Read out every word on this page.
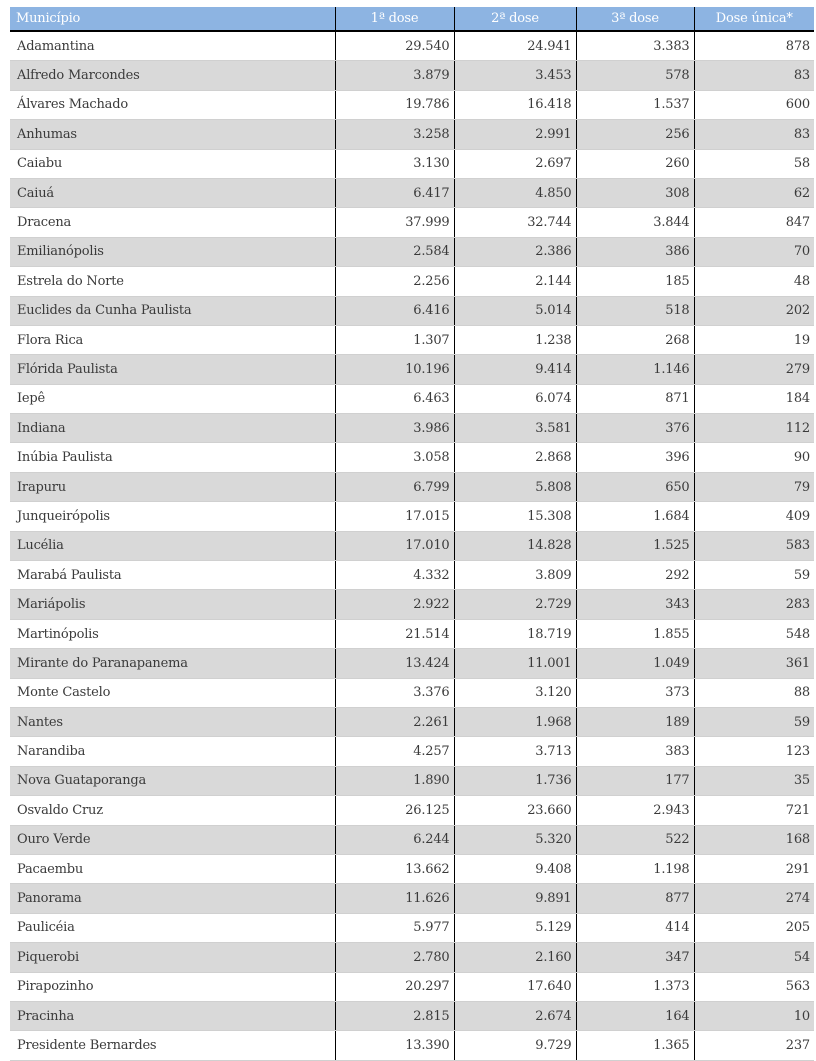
Município	1ª dose	2ª dose	3ª dose	Dose única*
Adamantina	29.540	24.941	3.383	878
Alfredo Marcondes	3.879	3.453	578	83
Álvares Machado	19.786	16.418	1.537	600
Anhumas	3.258	2.991	256	83
Caiabu	3.130	2.697	260	58
Caiuá	6.417	4.850	308	62
Dracena	37.999	32.744	3.844	847
Emilianópolis	2.584	2.386	386	70
Estrela do Norte	2.256	2.144	185	48
Euclides da Cunha Paulista	6.416	5.014	518	202
Flora Rica	1.307	1.238	268	19
Flórida Paulista	10.196	9.414	1.146	279
Iepê	6.463	6.074	871	184
Indiana	3.986	3.581	376	112
Inúbia Paulista	3.058	2.868	396	90
Irapuru	6.799	5.808	650	79
Junqueirópolis	17.015	15.308	1.684	409
Lucélia	17.010	14.828	1.525	583
Marabá Paulista	4.332	3.809	292	59
Mariápolis	2.922	2.729	343	283
Martinópolis	21.514	18.719	1.855	548
Mirante do Paranapanema	13.424	11.001	1.049	361
Monte Castelo	3.376	3.120	373	88
Nantes	2.261	1.968	189	59
Narandiba	4.257	3.713	383	123
Nova Guataporanga	1.890	1.736	177	35
Osvaldo Cruz	26.125	23.660	2.943	721
Ouro Verde	6.244	5.320	522	168
Pacaembu	13.662	9.408	1.198	291
Panorama	11.626	9.891	877	274
Paulicéia	5.977	5.129	414	205
Piquerobi	2.780	2.160	347	54
Pirapozinho	20.297	17.640	1.373	563
Pracinha	2.815	2.674	164	10
Presidente Bernardes	13.390	9.729	1.365	237
